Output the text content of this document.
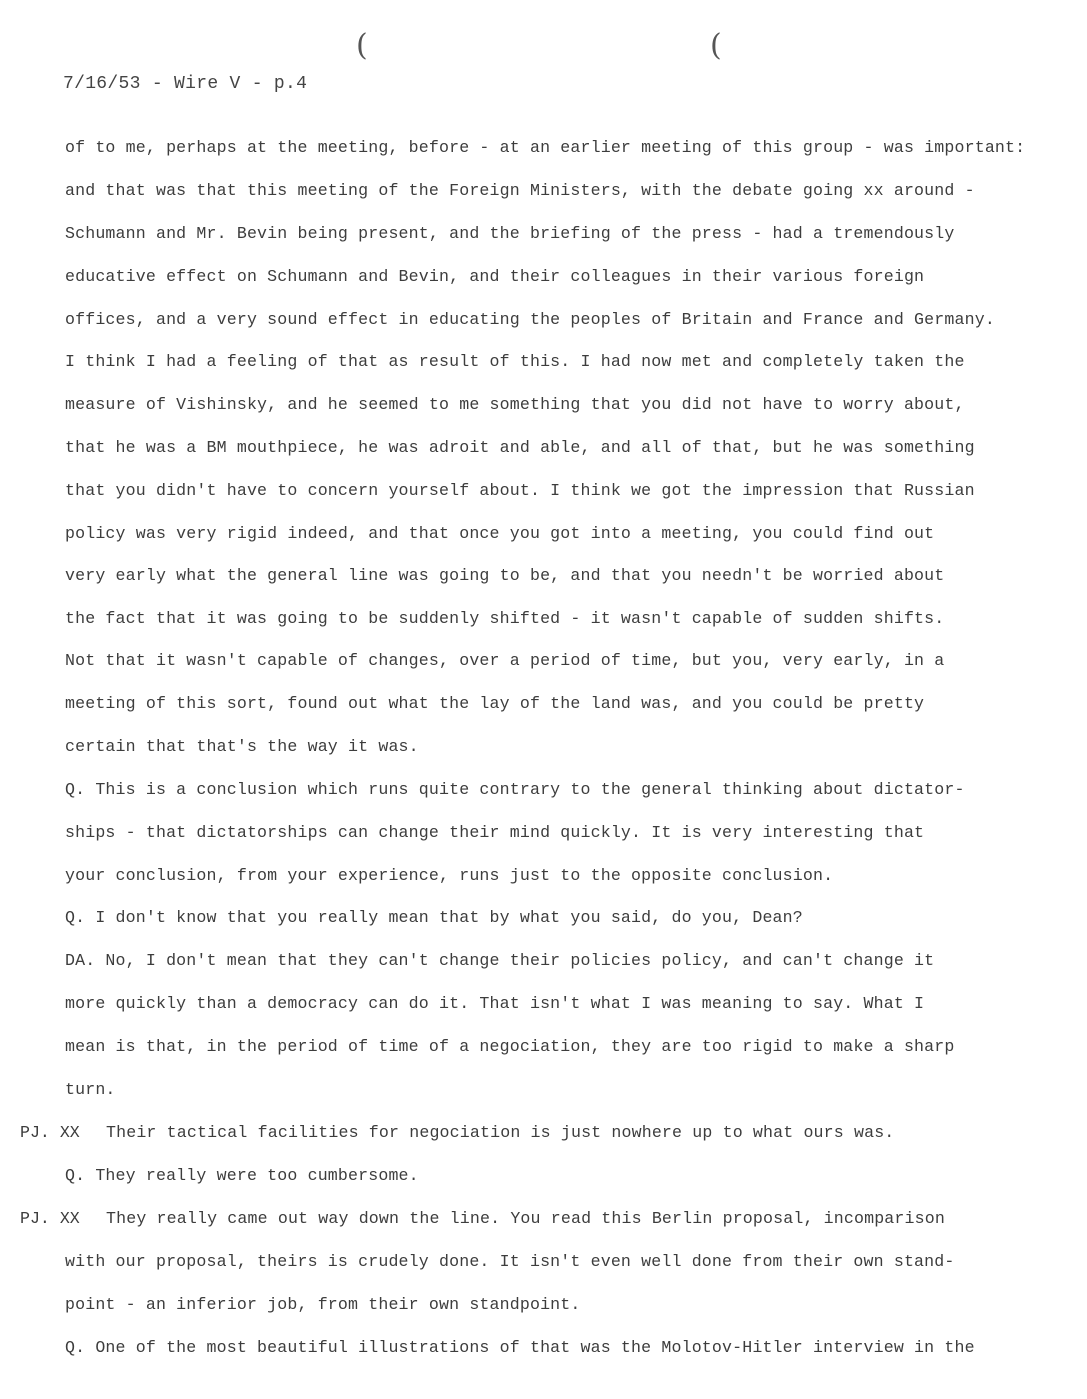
(	(
7/16/53 - Wire V - p.4
of to me, perhaps at the meeting, before - at an earlier meeting of this group - was important:
and that was that this meeting of the Foreign Ministers, with the debate going xx around -
Schumann and Mr. Bevin being present, and the briefing of the press - had a tremendously
educative effect on Schumann and Bevin, and their colleagues in their various foreign
offices, and a very sound effect in educating the peoples of Britain and France and Germany.
I think I had a feeling of that as result of this. I had now met and completely taken the
measure of Vishinsky, and he seemed to me something that you did not have to worry about,
that he was a BM mouthpiece, he was adroit and able, and all of that, but he was something
that you didn't have to concern yourself about. I think we got the impression that Russian
policy was very rigid indeed, and that once you got into a meeting, you could find out
very early what the general line was going to be, and that you needn't be worried about
the fact that it was going to be suddenly shifted - it wasn't capable of sudden shifts.
Not that it wasn't capable of changes, over a period of time, but you, very early, in a
meeting of this sort, found out what the lay of the land was, and you could be pretty
certain that that's the way it was.
Q. This is a conclusion which runs quite contrary to the general thinking about dictator-
ships - that dictatorships can change their mind quickly. It is very interesting that
your conclusion, from your experience, runs just to the opposite conclusion.
Q. I don't know that you really mean that by what you said, do you, Dean?
DA. No, I don't mean that they can't change their policies policy, and can't change it
more quickly than a democracy can do it. That isn't what I was meaning to say. What I
mean is that, in the period of time of a negociation, they are too rigid to make a sharp
turn.
PJ. XX Their tactical facilities for negociation is just nowhere up to what ours was.
Q. They really were too cumbersome.
PJ. XX They really came out way down the line. You read this Berlin proposal, incomparison
with our proposal, theirs is crudely done. It isn't even well done from their own stand-
point - an inferior job, from their own standpoint.
Q. One of the most beautiful illustrations of that was the Molotov-Hitler interview in the
